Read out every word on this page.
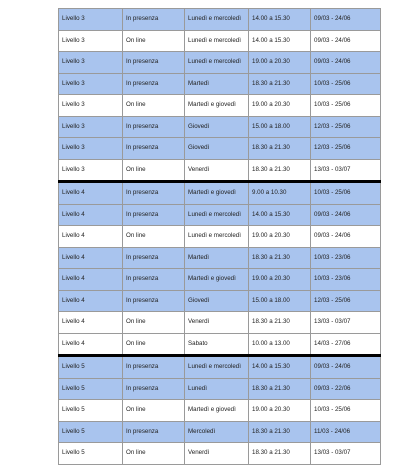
Livello 3	In presenza	Lunedì e mercoledì	14.00 a 15.30	09/03 - 24/06
Livello 3	On line	Lunedì e mercoledì	14.00 a 15.30	09/03 - 24/06
Livello 3	In presenza	Lunedì e mercoledì	19.00 a 20.30	09/03 - 24/06
Livello 3	In presenza	Martedì	18.30 a 21.30	10/03 - 25/06
Livello 3	On line	Martedì e giovedì	19.00 a 20.30	10/03 - 25/06
Livello 3	In presenza	Giovedì	15.00 a 18.00	12/03 - 25/06
Livello 3	In presenza	Giovedì	18.30 a 21.30	12/03 - 25/06
Livello 3	On line	Venerdì	18.30 a 21.30	13/03 - 03/07
Livello 4	In presenza	Martedì e giovedì	9.00 a 10.30	10/03 - 25/06
Livello 4	In presenza	Lunedì e mercoledì	14.00 a 15.30	09/03 - 24/06
Livello 4	On line	Lunedì e mercoledì	19.00 a 20.30	09/03 - 24/06
Livello 4	In presenza	Martedì	18.30 a 21.30	10/03 - 23/06
Livello 4	In presenza	Martedì e giovedì	19.00 a 20.30	10/03 - 23/06
Livello 4	In presenza	Giovedì	15.00 a 18.00	12/03 - 25/06
Livello 4	On line	Venerdì	18.30 a 21.30	13/03 - 03/07
Livello 4	On line	Sabato	10.00 a 13.00	14/03 - 27/06
Livello 5	In presenza	Lunedì e mercoledì	14.00 a 15.30	09/03 - 24/06
Livello 5	In presenza	Lunedì	18.30 a 21.30	09/03 - 22/06
Livello 5	On line	Martedì e giovedì	19.00 a 20.30	10/03 - 25/06
Livello 5	In presenza	Mercoledì	18.30 a 21.30	11/03 - 24/06
Livello 5	On line	Venerdì	18.30 a 21.30	13/03 - 03/07
